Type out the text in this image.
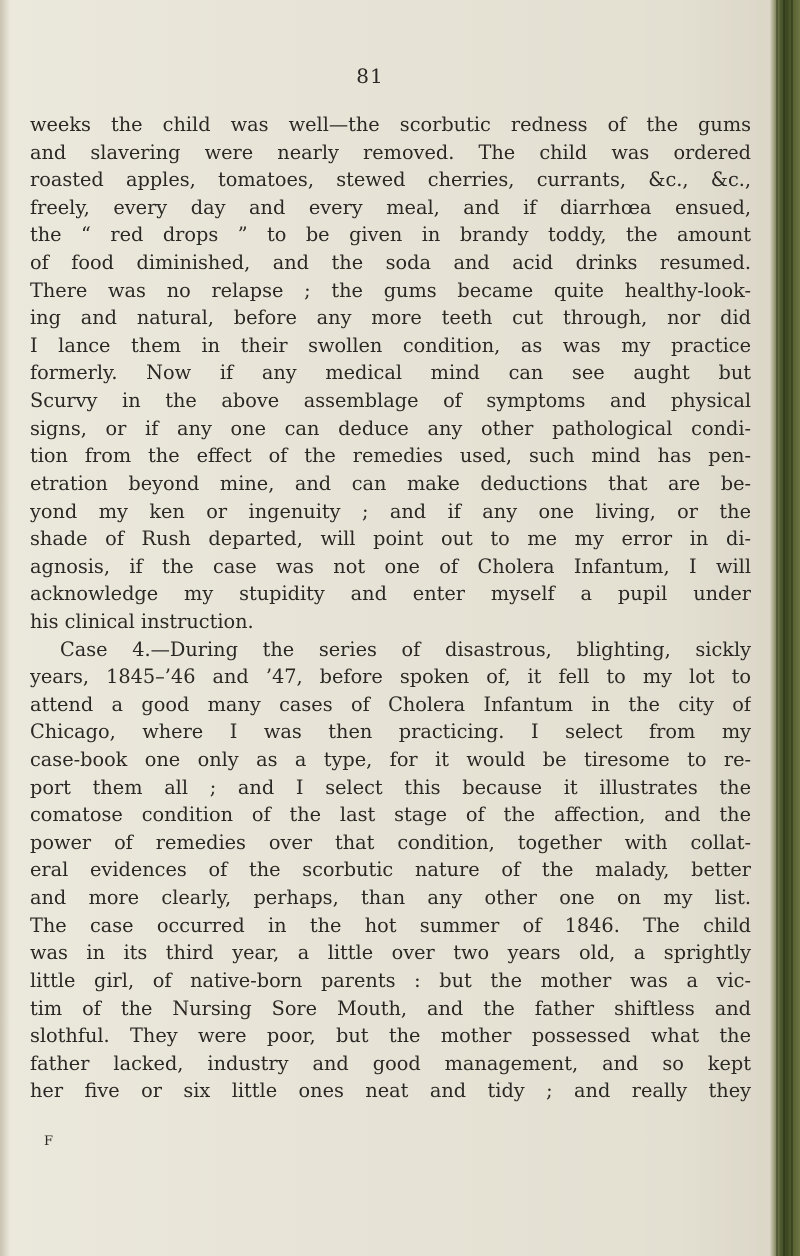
81
weeks the child was well—the scorbutic redness of the gums
and slavering were nearly removed. The child was ordered
roasted apples, tomatoes, stewed cherries, currants, &c., &c.,
freely, every day and every meal, and if diarrhœa ensued,
the “ red drops ” to be given in brandy toddy, the amount
of food diminished, and the soda and acid drinks resumed.
There was no relapse ; the gums became quite healthy-look-
ing and natural, before any more teeth cut through, nor did
I lance them in their swollen condition, as was my practice
formerly. Now if any medical mind can see aught but
Scurvy in the above assemblage of symptoms and physical
signs, or if any one can deduce any other pathological condi-
tion from the effect of the remedies used, such mind has pen-
etration beyond mine, and can make deductions that are be-
yond my ken or ingenuity ; and if any one living, or the
shade of Rush departed, will point out to me my error in di-
agnosis, if the case was not one of Cholera Infantum, I will
acknowledge my stupidity and enter myself a pupil under
his clinical instruction.
Case 4.—During the series of disastrous, blighting, sickly
years, 1845–’46 and ’47, before spoken of, it fell to my lot to
attend a good many cases of Cholera Infantum in the city of
Chicago, where I was then practicing. I select from my
case-book one only as a type, for it would be tiresome to re-
port them all ; and I select this because it illustrates the
comatose condition of the last stage of the affection, and the
power of remedies over that condition, together with collat-
eral evidences of the scorbutic nature of the malady, better
and more clearly, perhaps, than any other one on my list.
The case occurred in the hot summer of 1846. The child
was in its third year, a little over two years old, a sprightly
little girl, of native-born parents : but the mother was a vic-
tim of the Nursing Sore Mouth, and the father shiftless and
slothful. They were poor, but the mother possessed what the
father lacked, industry and good management, and so kept
her five or six little ones neat and tidy ; and really they
F
